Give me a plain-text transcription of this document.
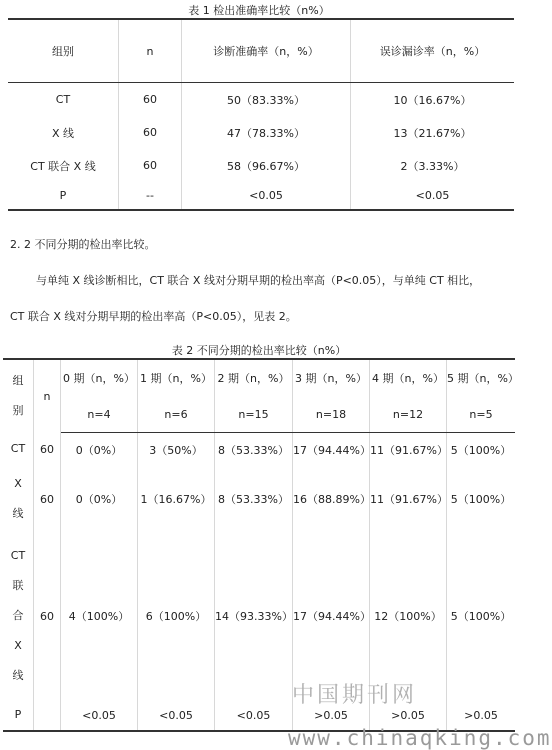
表 1 检出准确率比较（n%）
组别	n	诊断准确率（n，%）	误诊漏诊率（n，%）
CT	60	50（83.33%）	10（16.67%）
X 线	60	47（78.33%）	13（21.67%）
CT 联合 X 线	60	58（96.67%）	2（3.33%）
P	--	<0.05	<0.05
2. 2 不同分期的检出率比较。
与单纯 X 线诊断相比，CT 联合 X 线对分期早期的检出率高（P<0.05），与单纯 CT 相比，
CT 联合 X 线对分期早期的检出率高（P<0.05），见表 2。
表 2 不同分期的检出率比较（n%）
组
别	n	0 期（n，%）	1 期（n，%）	2 期（n，%）	3 期（n，%）	4 期（n，%）	5 期（n，%）
		n=4	n=6	n=15	n=18	n=12	n=5

CT	60	0（0%）	3（50%）	8（53.33%）	17（94.44%）	11（91.67%）	5（100%）

X
线	60	0（0%）	1（16.67%）	8（53.33%）	16（88.89%）	11（91.67%）	5（100%）

CT
联
合
X
线	60	4（100%）	6（100%）	14（93.33%）	17（94.44%）	12（100%）	5（100%）

P		<0.05	<0.05	<0.05	>0.05	>0.05	>0.05
中国期刊网
www.chinaqking.com
